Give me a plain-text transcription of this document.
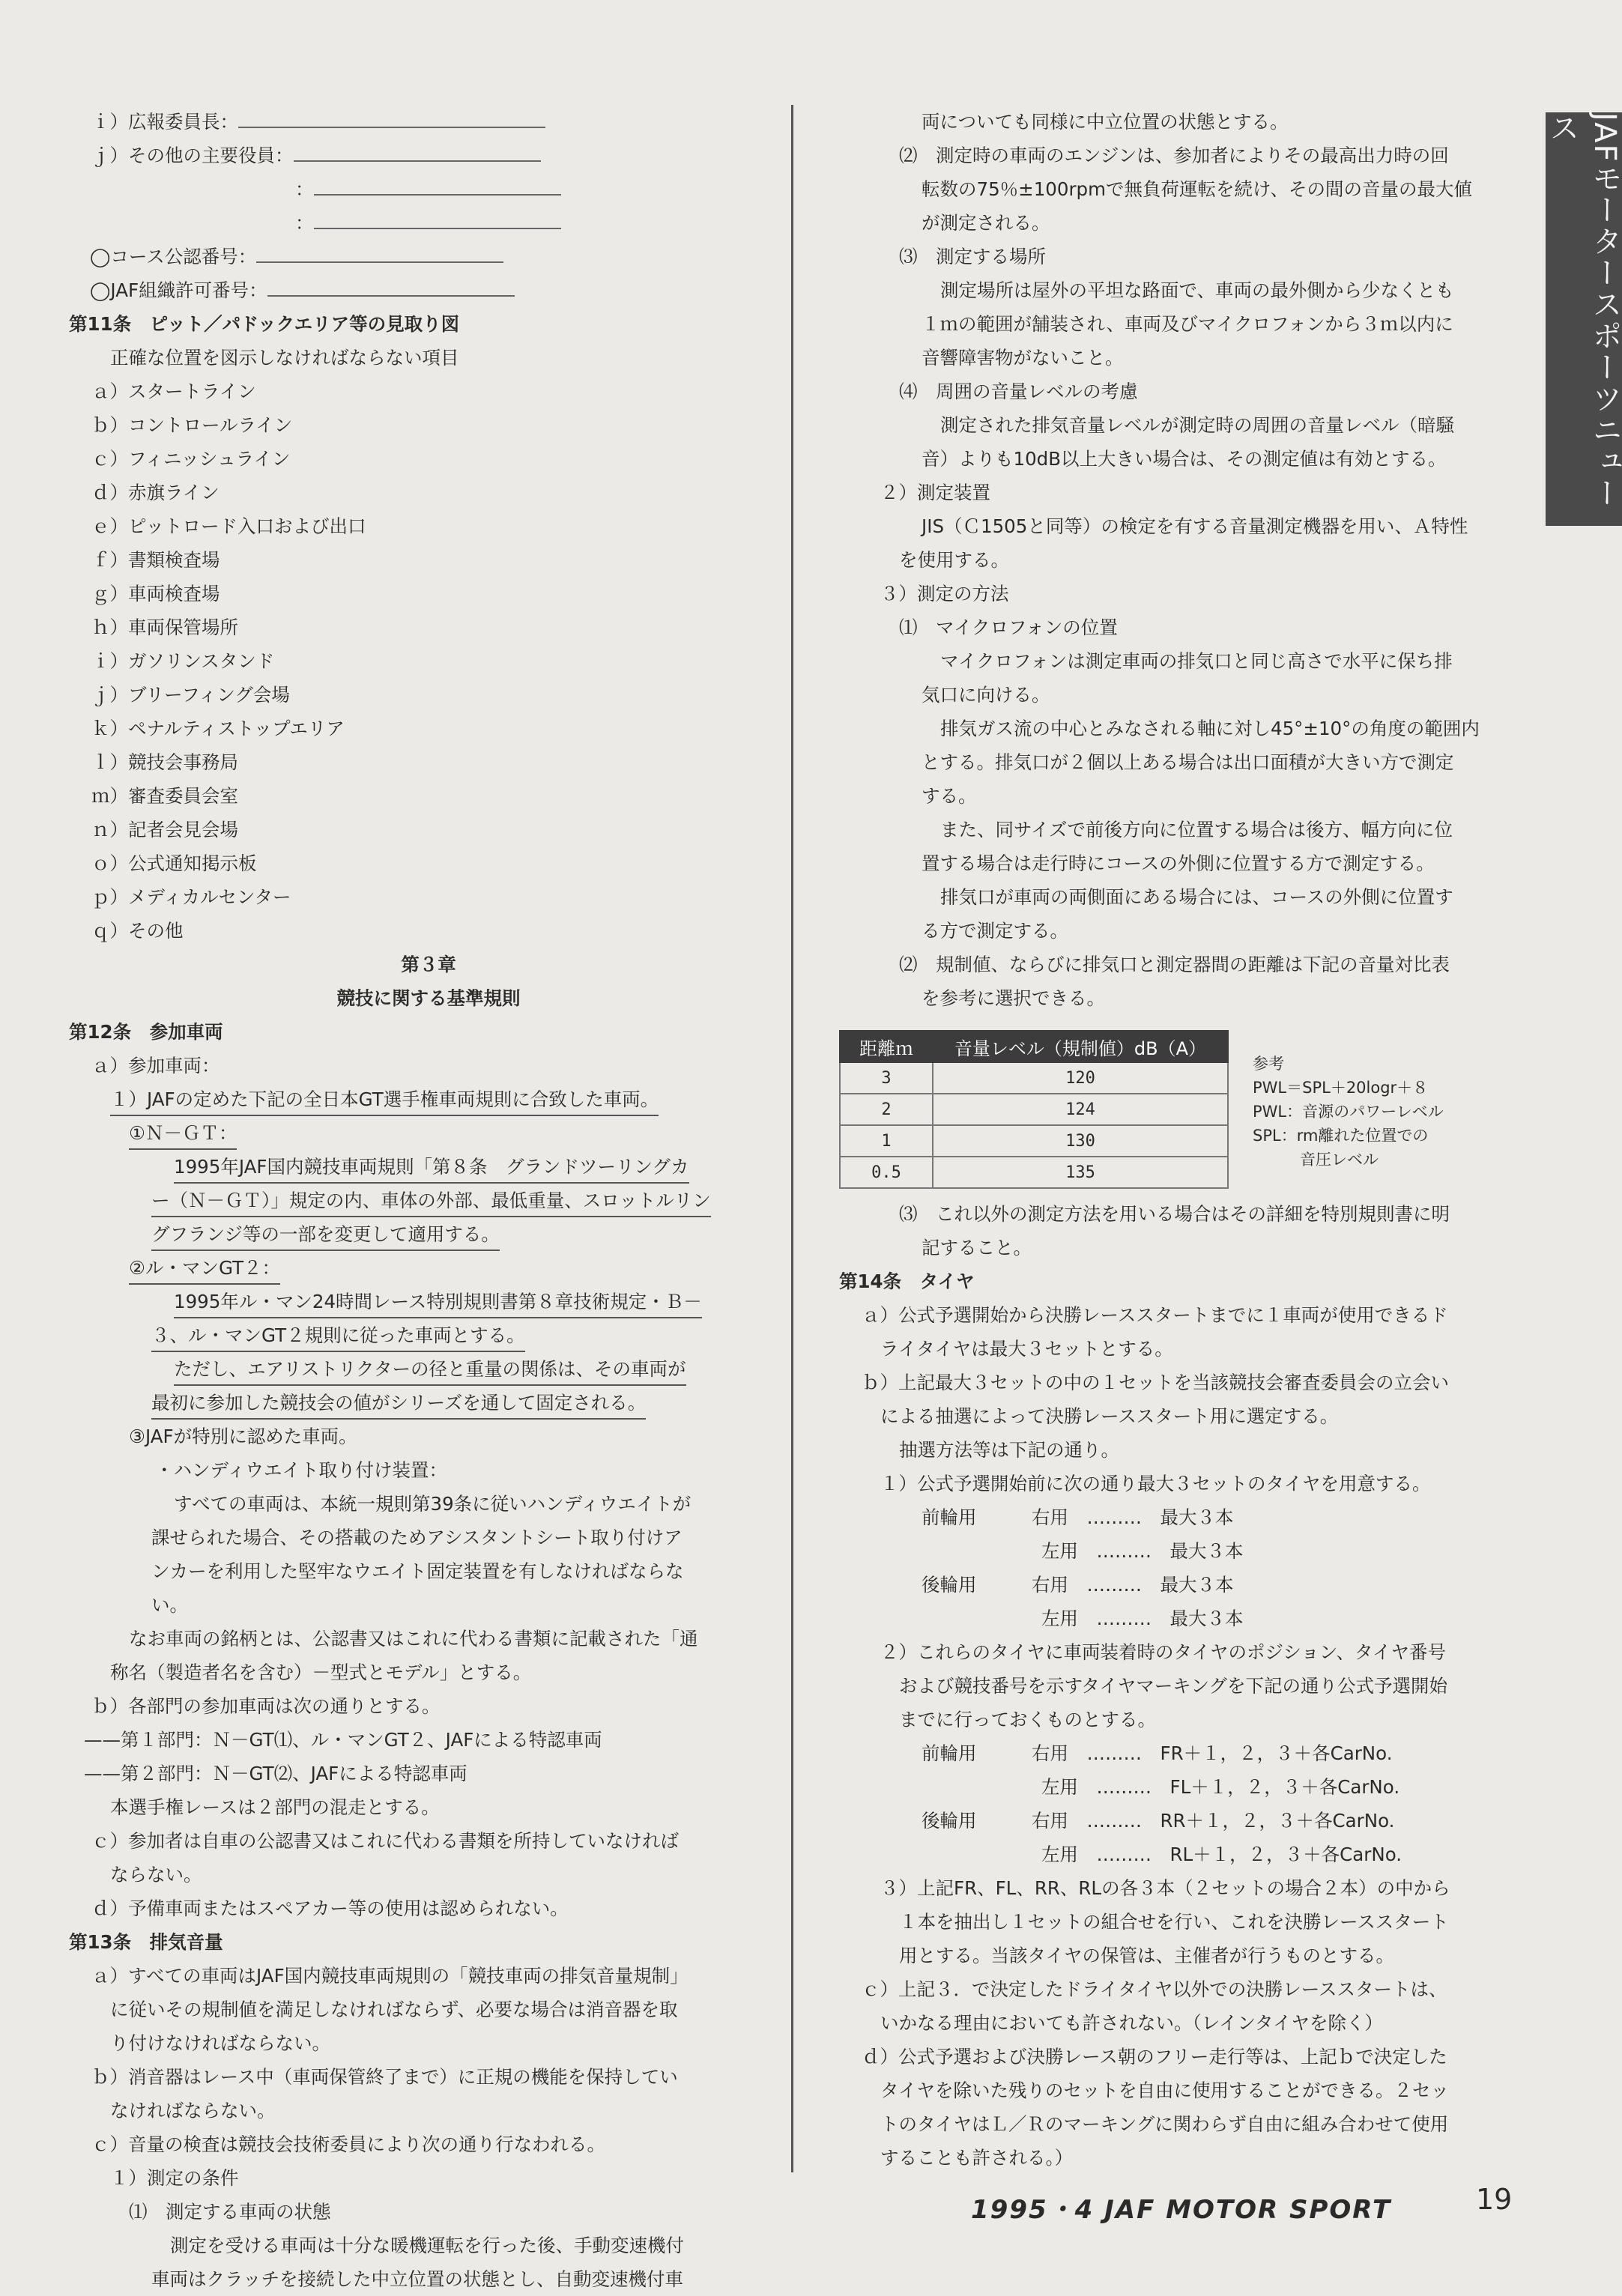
JAFモータースポーツニュース
ｉ）広報委員長：
ｊ）その他の主要役員：
：
：
◯コース公認番号：
◯JAF組織許可番号：
第11条　ピット／パドックエリア等の見取り図
正確な位置を図示しなければならない項目
ａ）スタートライン
ｂ）コントロールライン
ｃ）フィニッシュライン
ｄ）赤旗ライン
ｅ）ピットロード入口および出口
ｆ）書類検査場
ｇ）車両検査場
ｈ）車両保管場所
ｉ）ガソリンスタンド
ｊ）ブリーフィング会場
ｋ）ペナルティストップエリア
ｌ）競技会事務局
ｍ）審査委員会室
ｎ）記者会見会場
ｏ）公式通知掲示板
ｐ）メディカルセンター
ｑ）その他
第３章
競技に関する基準規則
第12条　参加車両
ａ）参加車両：
１）JAFの定めた下記の全日本GT選手権車両規則に合致した車両。
①Ｎ－ＧＴ：
1995年JAF国内競技車両規則「第８条　グランドツーリングカ
ー（Ｎ－ＧＴ）」規定の内、車体の外部、最低重量、スロットルリン
グフランジ等の一部を変更して適用する。
②ル・マンGT２：
1995年ル・マン24時間レース特別規則書第８章技術規定・Ｂ－
３、ル・マンGT２規則に従った車両とする。
ただし、エアリストリクターの径と重量の関係は、その車両が
最初に参加した競技会の値がシリーズを通して固定される。
③JAFが特別に認めた車両。
・ハンディウエイト取り付け装置：
すべての車両は、本統一規則第39条に従いハンディウエイトが
課せられた場合、その搭載のためアシスタントシート取り付けア
ンカーを利用した堅牢なウエイト固定装置を有しなければならな
い。
なお車両の銘柄とは、公認書又はこれに代わる書類に記載された「通
称名（製造者名を含む）－型式とモデル」とする。
ｂ）各部門の参加車両は次の通りとする。
——第１部門：Ｎ－GT⑴、ル・マンGT２、JAFによる特認車両
——第２部門：Ｎ－GT⑵、JAFによる特認車両
本選手権レースは２部門の混走とする。
ｃ）参加者は自車の公認書又はこれに代わる書類を所持していなければ
ならない。
ｄ）予備車両またはスペアカー等の使用は認められない。
第13条　排気音量
ａ）すべての車両はJAF国内競技車両規則の「競技車両の排気音量規制」
に従いその規制値を満足しなければならず、必要な場合は消音器を取
り付けなければならない。
ｂ）消音器はレース中（車両保管終了まで）に正規の機能を保持してい
なければならない。
ｃ）音量の検査は競技会技術委員により次の通り行なわれる。
１）測定の条件
⑴　測定する車両の状態
測定を受ける車両は十分な暖機運転を行った後、手動変速機付
車両はクラッチを接続した中立位置の状態とし、自動変速機付車
両についても同様に中立位置の状態とする。
⑵　測定時の車両のエンジンは、参加者によりその最高出力時の回
転数の75％±100rpmで無負荷運転を続け、その間の音量の最大値
が測定される。
⑶　測定する場所
測定場所は屋外の平坦な路面で、車両の最外側から少なくとも
１ｍの範囲が舗装され、車両及びマイクロフォンから３ｍ以内に
音響障害物がないこと。
⑷　周囲の音量レベルの考慮
測定された排気音量レベルが測定時の周囲の音量レベル（暗騒
音）よりも10dB以上大きい場合は、その測定値は有効とする。
２）測定装置
JIS（Ｃ1505と同等）の検定を有する音量測定機器を用い、Ａ特性
を使用する。
３）測定の方法
⑴　マイクロフォンの位置
マイクロフォンは測定車両の排気口と同じ高さで水平に保ち排
気口に向ける。
排気ガス流の中心とみなされる軸に対し45°±10°の角度の範囲内
とする。排気口が２個以上ある場合は出口面積が大きい方で測定
する。
また、同サイズで前後方向に位置する場合は後方、幅方向に位
置する場合は走行時にコースの外側に位置する方で測定する。
排気口が車両の両側面にある場合には、コースの外側に位置す
る方で測定する。
⑵　規制値、ならびに排気口と測定器間の距離は下記の音量対比表
を参考に選択できる。
距離ｍ	音量レベル（規制値）dB（A）
3	120
2	124
1	130
0.5	135
参考
PWL＝SPL＋20logr＋８
PWL：音源のパワーレベル
SPL：rm離れた位置での
　　　音圧レベル
⑶　これ以外の測定方法を用いる場合はその詳細を特別規則書に明
記すること。
第14条　タイヤ
ａ）公式予選開始から決勝レーススタートまでに１車両が使用できるド
ライタイヤは最大３セットとする。
ｂ）上記最大３セットの中の１セットを当該競技会審査委員会の立会い
による抽選によって決勝レーススタート用に選定する。
抽選方法等は下記の通り。
１）公式予選開始前に次の通り最大３セットのタイヤを用意する。
前輪用　　　右用　………　最大３本
左用　………　最大３本
後輪用　　　右用　………　最大３本
左用　………　最大３本
２）これらのタイヤに車両装着時のタイヤのポジション、タイヤ番号
および競技番号を示すタイヤマーキングを下記の通り公式予選開始
までに行っておくものとする。
前輪用　　　右用　………　FR＋１，２，３＋各CarNo.
左用　………　FL＋１，２，３＋各CarNo.
後輪用　　　右用　………　RR＋１，２，３＋各CarNo.
左用　………　RL＋１，２，３＋各CarNo.
３）上記FR、FL、RR、RLの各３本（２セットの場合２本）の中から
１本を抽出し１セットの組合せを行い、これを決勝レーススタート
用とする。当該タイヤの保管は、主催者が行うものとする。
ｃ）上記３．で決定したドライタイヤ以外での決勝レーススタートは、
いかなる理由においても許されない。（レインタイヤを除く）
ｄ）公式予選および決勝レース朝のフリー走行等は、上記ｂで決定した
タイヤを除いた残りのセットを自由に使用することができる。２セッ
トのタイヤはＬ／Ｒのマーキングに関わらず自由に組み合わせて使用
することも許される。）
1995・4 JAF MOTOR SPORT	19
